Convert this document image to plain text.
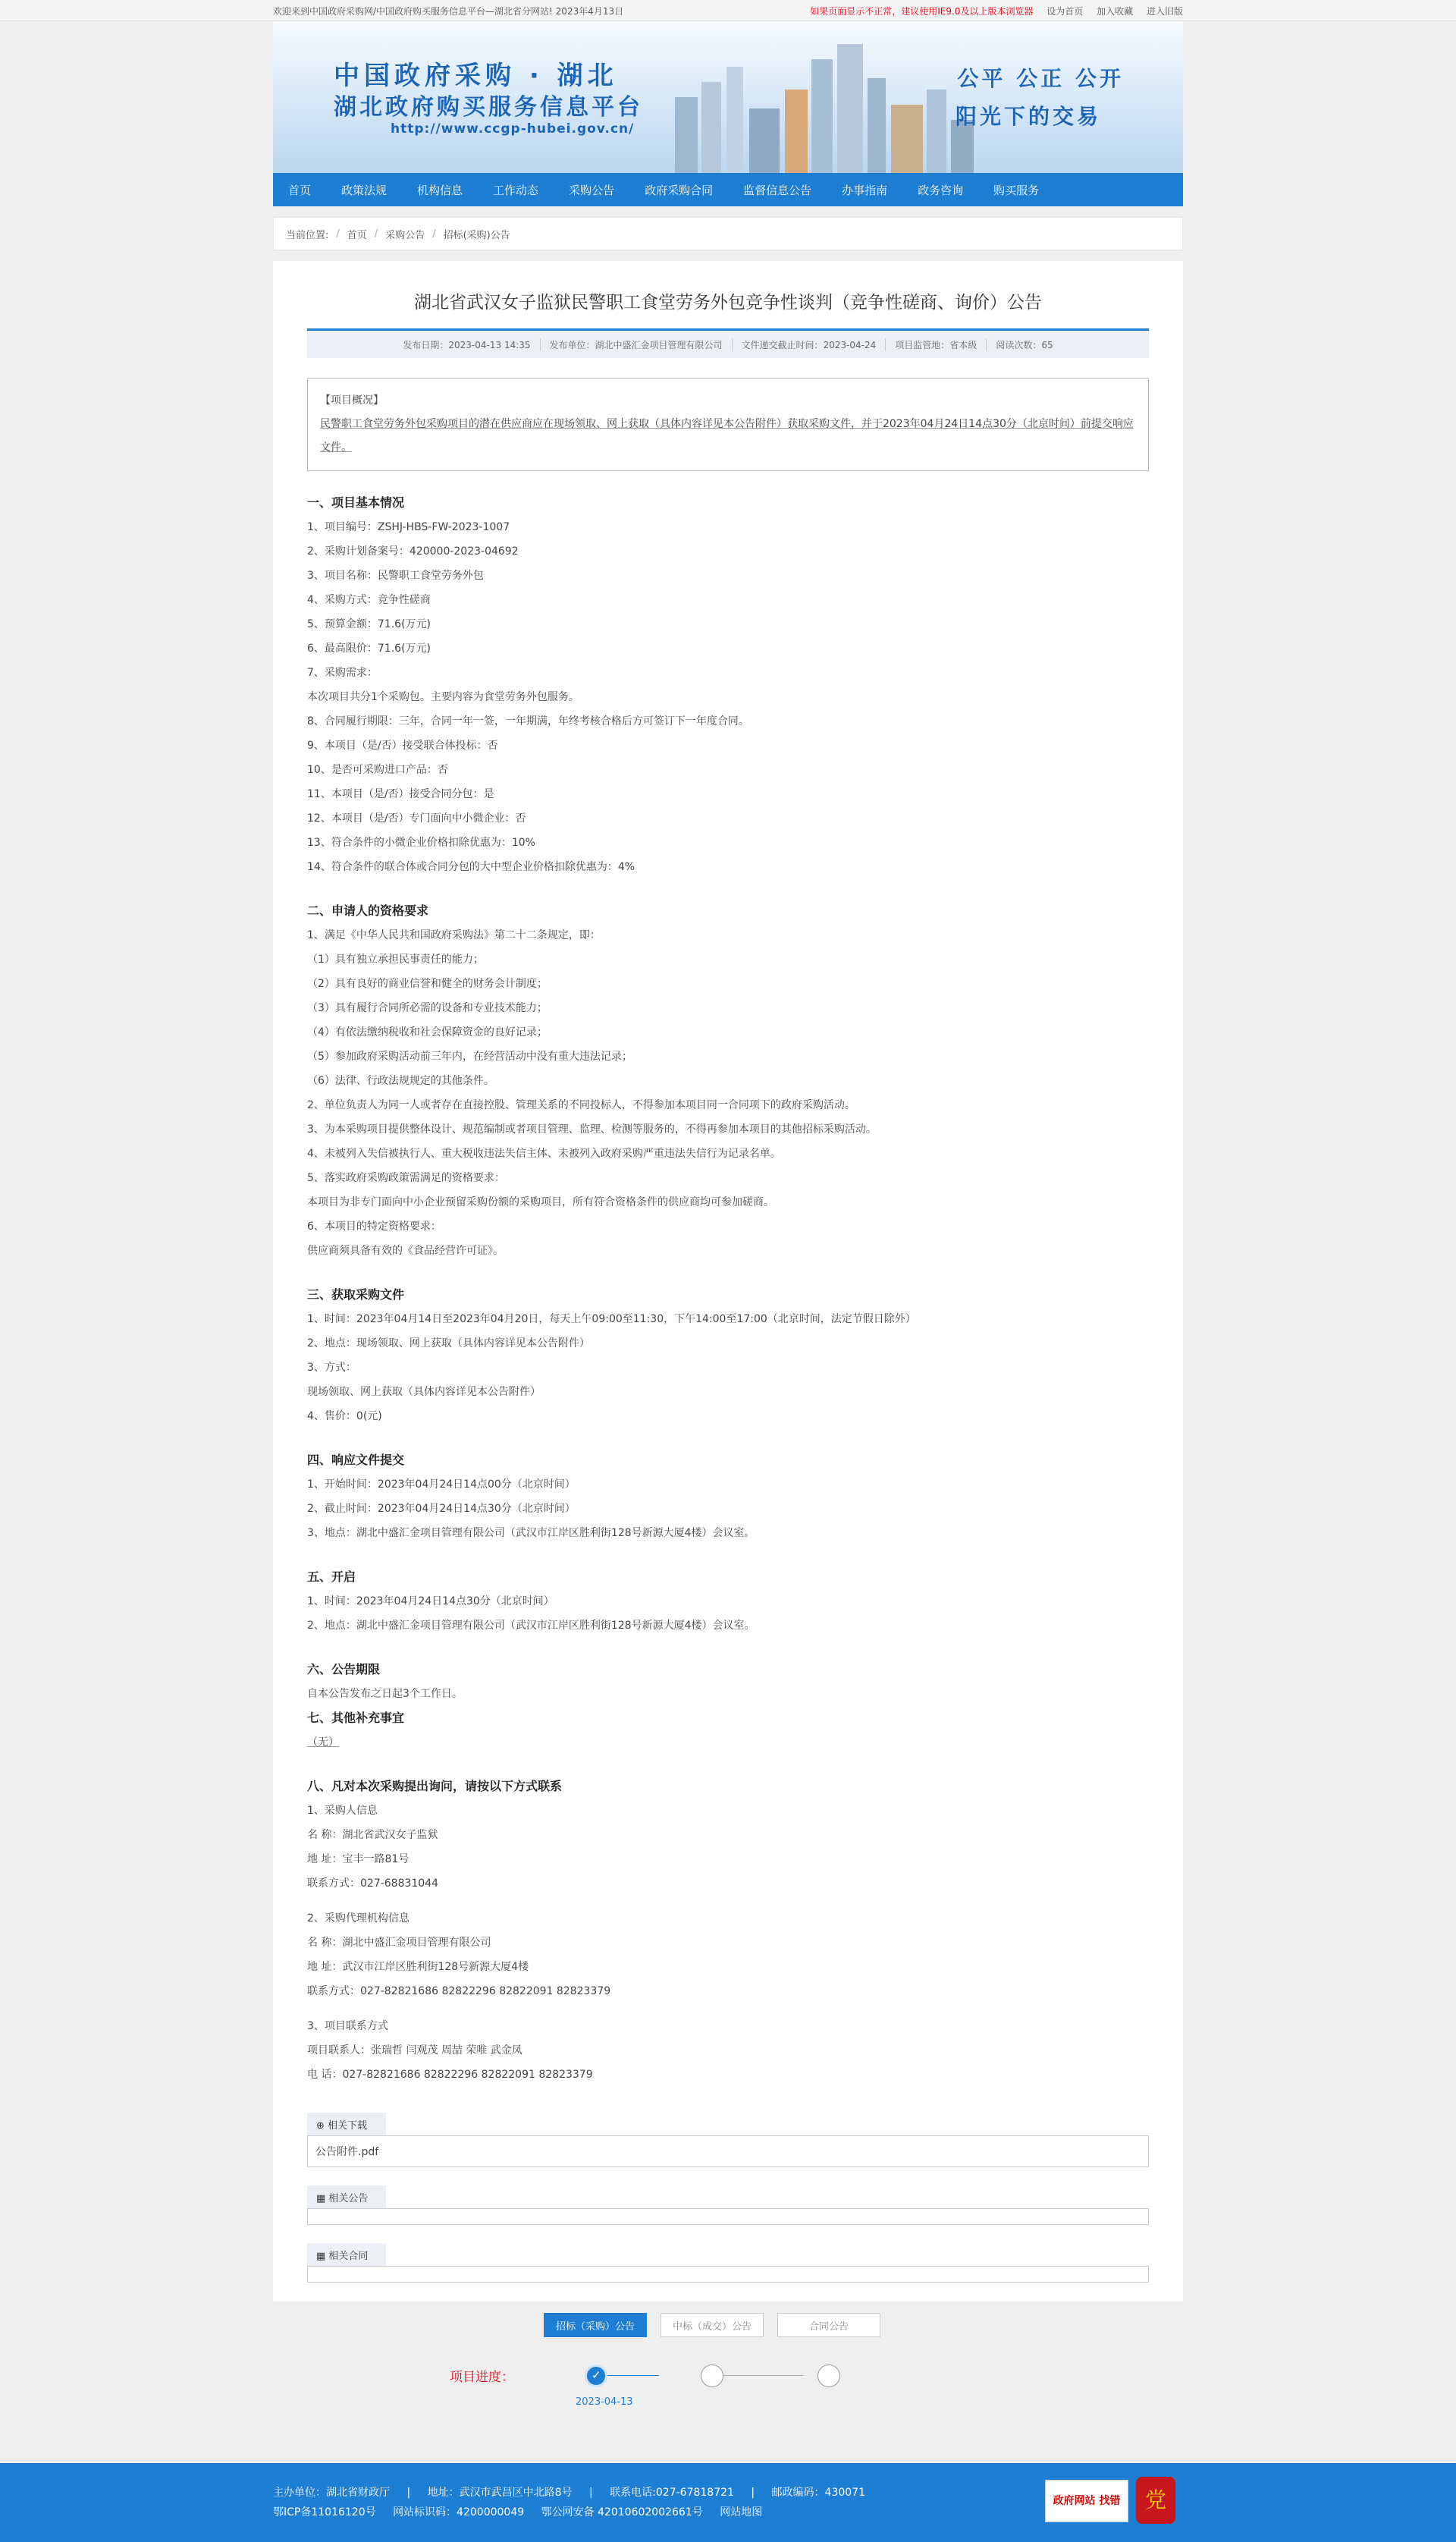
欢迎来到中国政府采购网/中国政府购买服务信息平台—湖北省分网站! 2023年4月13日	如果页面显示不正常，建议使用IE9.0及以上版本浏览器 设为首页 加入收藏 进入旧版
中国政府采购 · 湖北
湖北政府购买服务信息平台
http://www.ccgp-hubei.gov.cn/
公平 公正 公开
阳光下的交易
首页	政策法规	机构信息	工作动态	采购公告	政府采购合同	监督信息公告	办事指南	政务咨询	购买服务
当前位置: / 首页 / 采购公告 / 招标(采购)公告
湖北省武汉女子监狱民警职工食堂劳务外包竞争性谈判（竞争性磋商、询价）公告
发布日期：2023-04-13 14:35	发布单位：湖北中盛汇金项目管理有限公司	文件递交截止时间：2023-04-24	项目监管地：省本级	阅读次数：65
【项目概况】
民警职工食堂劳务外包采购项目的潜在供应商应在现场领取、网上获取（具体内容详见本公告附件）获取采购文件，并于2023年04月24日14点30分（北京时间）前提交响应文件。
一、项目基本情况
1、项目编号：ZSHJ-HBS-FW-2023-1007
2、采购计划备案号：420000-2023-04692
3、项目名称：民警职工食堂劳务外包
4、采购方式：竞争性磋商
5、预算金额：71.6(万元)
6、最高限价：71.6(万元)
7、采购需求：
本次项目共分1个采购包。主要内容为食堂劳务外包服务。
8、合同履行期限：三年，合同一年一签，一年期满，年终考核合格后方可签订下一年度合同。
9、本项目（是/否）接受联合体投标：否
10、是否可采购进口产品：否
11、本项目（是/否）接受合同分包：是
12、本项目（是/否）专门面向中小微企业：否
13、符合条件的小微企业价格扣除优惠为：10%
14、符合条件的联合体或合同分包的大中型企业价格扣除优惠为：4%
二、申请人的资格要求
1、满足《中华人民共和国政府采购法》第二十二条规定，即：
（1）具有独立承担民事责任的能力；
（2）具有良好的商业信誉和健全的财务会计制度；
（3）具有履行合同所必需的设备和专业技术能力；
（4）有依法缴纳税收和社会保障资金的良好记录；
（5）参加政府采购活动前三年内，在经营活动中没有重大违法记录；
（6）法律、行政法规规定的其他条件。
2、单位负责人为同一人或者存在直接控股、管理关系的不同投标人，不得参加本项目同一合同项下的政府采购活动。
3、为本采购项目提供整体设计、规范编制或者项目管理、监理、检测等服务的，不得再参加本项目的其他招标采购活动。
4、未被列入失信被执行人、重大税收违法失信主体、未被列入政府采购严重违法失信行为记录名单。
5、落实政府采购政策需满足的资格要求：
本项目为非专门面向中小企业预留采购份额的采购项目，所有符合资格条件的供应商均可参加磋商。
6、本项目的特定资格要求：
供应商须具备有效的《食品经营许可证》。
三、获取采购文件
1、时间：2023年04月14日至2023年04月20日，每天上午09:00至11:30，下午14:00至17:00（北京时间，法定节假日除外）
2、地点：现场领取、网上获取（具体内容详见本公告附件）
3、方式：
现场领取、网上获取（具体内容详见本公告附件）
4、售价：0(元)
四、响应文件提交
1、开始时间：2023年04月24日14点00分（北京时间）
2、截止时间：2023年04月24日14点30分（北京时间）
3、地点：湖北中盛汇金项目管理有限公司（武汉市江岸区胜利街128号新源大厦4楼）会议室。
五、开启
1、时间：2023年04月24日14点30分（北京时间）
2、地点：湖北中盛汇金项目管理有限公司（武汉市江岸区胜利街128号新源大厦4楼）会议室。
六、公告期限
自本公告发布之日起3个工作日。
七、其他补充事宜
（无）
八、凡对本次采购提出询问，请按以下方式联系
1、采购人信息
名 称：湖北省武汉女子监狱
地 址：宝丰一路81号
联系方式：027-68831044
2、采购代理机构信息
名 称：湖北中盛汇金项目管理有限公司
地 址：武汉市江岸区胜利街128号新源大厦4楼
联系方式：027-82821686 82822296 82822091 82823379
3、项目联系方式
项目联系人：张瑞哲 闫观茂 周喆 荣唯 武金凤
电 话：027-82821686 82822296 82822091 82823379
⊕ 相关下载
公告附件.pdf
▦ 相关公告
▦ 相关合同
项目进度：
招标（采购）公告	中标（成交）公告	合同公告
✓
2023-04-13
主办单位：湖北省财政厅 | 地址：武汉市武昌区中北路8号 | 联系电话:027-67818721 | 邮政编码：430071
鄂ICP备11016120号 网站标识码：4200000049 鄂公网安备 42010602002661号 网站地图
政府网站 找错	党
